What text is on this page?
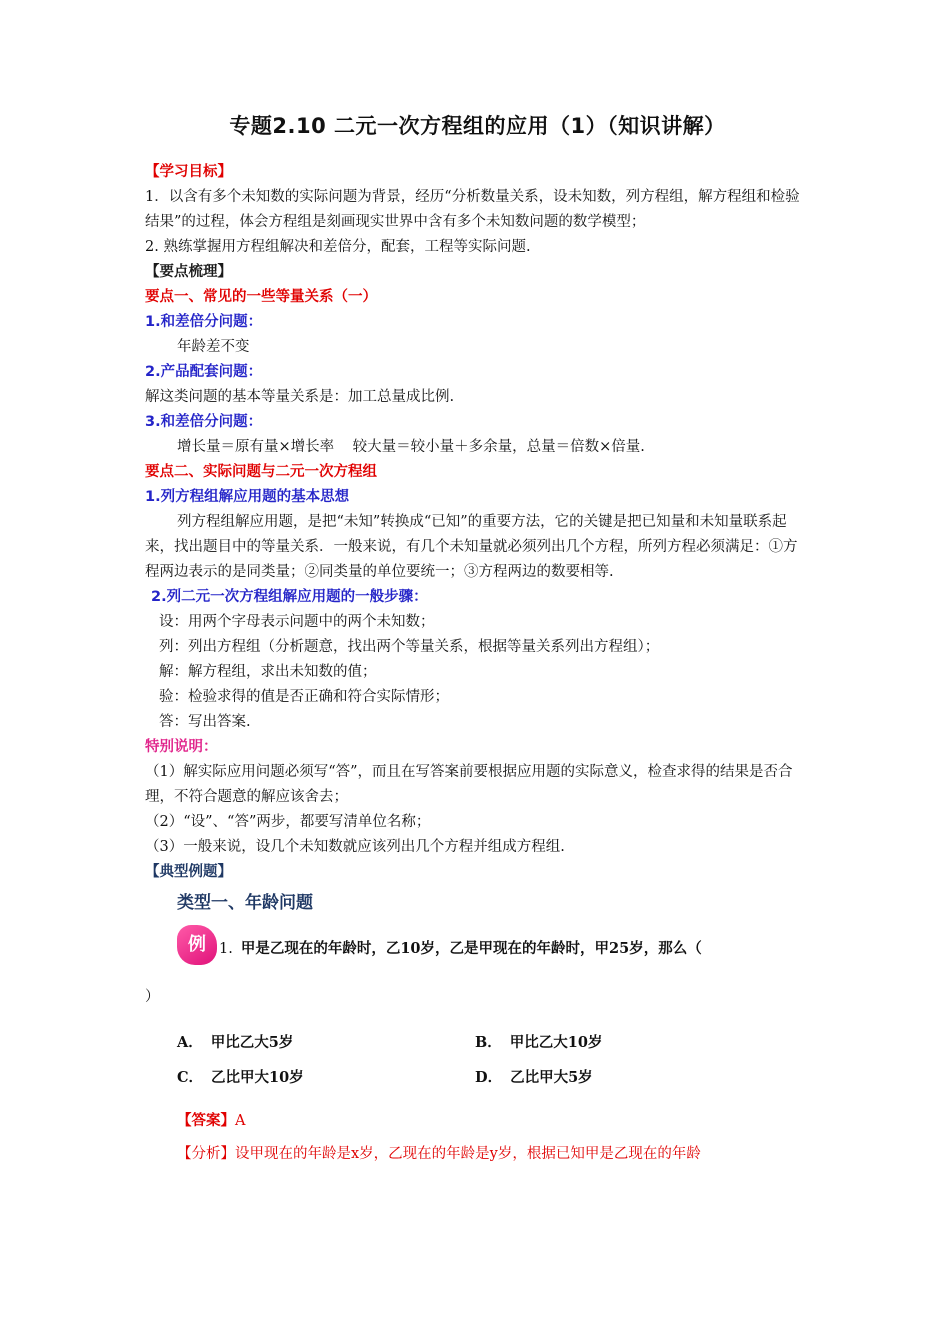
专题2.10 二元一次方程组的应用（1）（知识讲解）
【学习目标】

1．以含有多个未知数的实际问题为背景，经历“分析数量关系，设未知数，列方程组，解方程组和检验结果”的过程，体会方程组是刻画现实世界中含有多个未知数问题的数学模型；

2. 熟练掌握用方程组解决和差倍分，配套，工程等实际问题.

【要点梳理】
要点一、常见的一些等量关系（一）
1.和差倍分问题：

年龄差不变

2.产品配套问题：

解这类问题的基本等量关系是：加工总量成比例.

3.和差倍分问题：

增长量＝原有量×增长率    较大量＝较小量＋多余量，总量＝倍数×倍量.

要点二、实际问题与二元一次方程组
1.列方程组解应用题的基本思想

列方程组解应用题，是把“未知”转换成“已知”的重要方法，它的关键是把已知量和未知量联系起来，找出题目中的等量关系．一般来说，有几个未知量就必须列出几个方程，所列方程必须满足：①方程两边表示的是同类量；②同类量的单位要统一；③方程两边的数要相等.

2.列二元一次方程组解应用题的一般步骤：

设：用两个字母表示问题中的两个未知数；

列：列出方程组（分析题意，找出两个等量关系，根据等量关系列出方程组）；

解：解方程组，求出未知数的值；

验：检验求得的值是否正确和符合实际情形；

答：写出答案.

特别说明：

（1）解实际应用问题必须写“答”，而且在写答案前要根据应用题的实际意义，检查求得的结果是否合理，不符合题意的解应该舍去；

（2）“设”、“答”两步，都要写清单位名称；

（3）一般来说，设几个未知数就应该列出几个方程并组成方程组.

【典型例题】
类型一、年龄问题
例 1. 甲是乙现在的年龄时，乙10岁，乙是甲现在的年龄时，甲25岁，那么（
）
A． 甲比乙大5岁	B． 甲比乙大10岁
C． 乙比甲大10岁	D． 乙比甲大5岁
【答案】A
【分析】设甲现在的年龄是x岁，乙现在的年龄是y岁，根据已知甲是乙现在的年龄
